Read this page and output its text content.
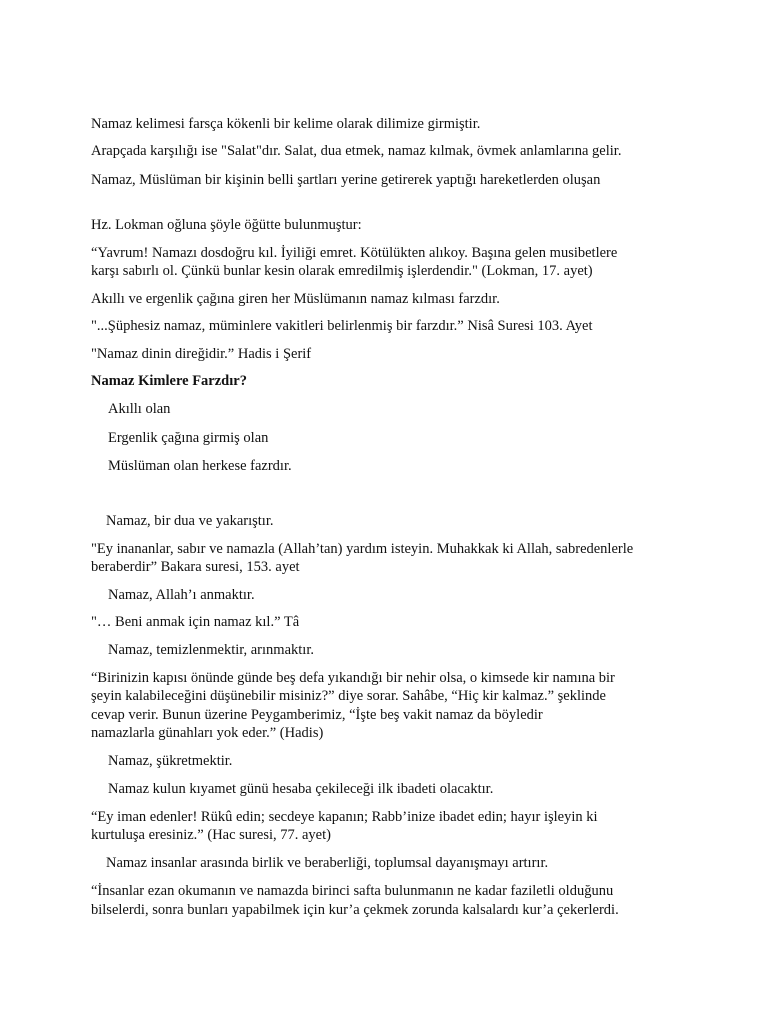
Namaz kelimesi farsça kökenli bir kelime olarak dilimize girmiştir.
Arapçada karşılığı ise "Salat"dır. Salat, dua etmek, namaz kılmak, övmek anlamlarına gelir.
Namaz, Müslüman bir kişinin belli şartları yerine getirerek yaptığı hareketlerden oluşan
Hz. Lokman oğluna şöyle öğütte bulunmuştur:
“Yavrum! Namazı dosdoğru kıl. İyiliği emret. Kötülükten alıkoy. Başına gelen musibetlere
karşı sabırlı ol. Çünkü bunlar kesin olarak emredilmiş işlerdendir." (Lokman, 17. ayet)
Akıllı ve ergenlik çağına giren her Müslümanın namaz kılması farzdır.
"...Şüphesiz namaz, müminlere vakitleri belirlenmiş bir farzdır.” Nisâ Suresi 103. Ayet
"Namaz dinin direğidir.” Hadis i Şerif
Namaz Kimlere Farzdır?
Akıllı olan
Ergenlik çağına girmiş olan
Müslüman olan herkese fazrdır.
Namaz, bir dua ve yakarıştır.
"Ey inananlar, sabır ve namazla (Allah’tan) yardım isteyin. Muhakkak ki Allah, sabredenlerle
beraberdir” Bakara suresi, 153. ayet
Namaz, Allah’ı anmaktır.
"… Beni anmak için namaz kıl.” Tâ
Namaz, temizlenmektir, arınmaktır.
“Birinizin kapısı önünde günde beş defa yıkandığı bir nehir olsa, o kimsede kir namına bir
şeyin kalabileceğini düşünebilir misiniz?” diye sorar. Sahâbe, “Hiç kir kalmaz.” şeklinde
cevap verir. Bunun üzerine Peygamberimiz, “İşte beş vakit namaz da böyledir
namazlarla günahları yok eder.” (Hadis)
Namaz, şükretmektir.
Namaz kulun kıyamet günü hesaba çekileceği ilk ibadeti olacaktır.
“Ey iman edenler! Rükû edin; secdeye kapanın; Rabb’inize ibadet edin; hayır işleyin ki
kurtuluşa eresiniz.” (Hac suresi, 77. ayet)
Namaz insanlar arasında birlik ve beraberliği, toplumsal dayanışmayı artırır.
“İnsanlar ezan okumanın ve namazda birinci safta bulunmanın ne kadar faziletli olduğunu
bilselerdi, sonra bunları yapabilmek için kur’a çekmek zorunda kalsalardı kur’a çekerlerdi.
